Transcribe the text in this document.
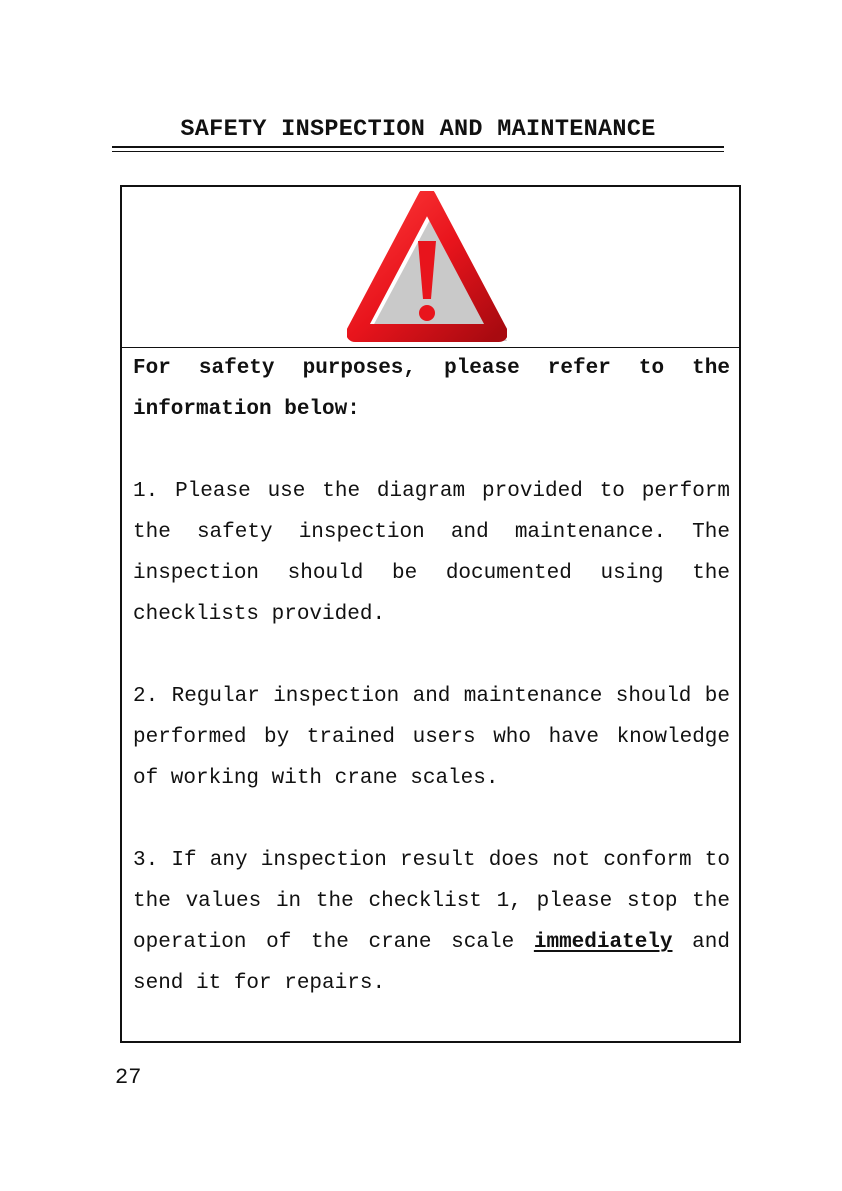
SAFETY INSPECTION AND MAINTENANCE

For safety purposes, please refer to the information below:

1. Please use the diagram provided to perform the safety inspection and maintenance. The inspection should be documented using the checklists provided.

2. Regular inspection and maintenance should be performed by trained users who have knowledge of working with crane scales.

3. If any inspection result does not conform to the values in the checklist 1, please stop the operation of the crane scale immediately and send it for repairs.

27
